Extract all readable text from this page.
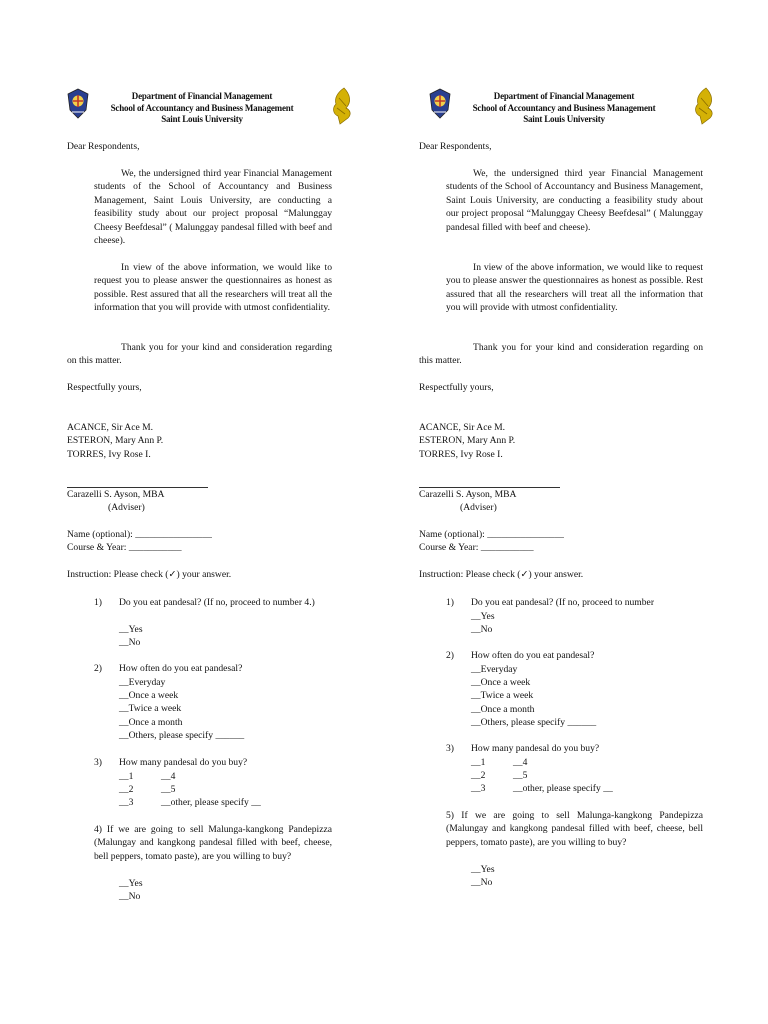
Department of Financial Management
School of Accountancy and Business Management
Saint Louis University
Dear Respondents,
We, the undersigned third year Financial Management students of the School of Accountancy and Business Management, Saint Louis University, are conducting a feasibility study about our project proposal “Malunggay Cheesy Beefdesal” ( Malunggay pandesal filled with beef and cheese).
In view of the above information, we would like to request you to please answer the questionnaires as honest as possible. Rest assured that all the researchers will treat all the information that you will provide with utmost confidentiality.
Thank you for your kind and consideration regarding on this matter.
Respectfully yours,
ACANCE, Sir Ace M.
ESTERON, Mary Ann P.
TORRES, Ivy Rose I.
Carazelli S. Ayson, MBA
(Adviser)
Name (optional): ________________
Course & Year: ___________
Instruction: Please check (✓) your answer.
1) Do you eat pandesal? (If no, proceed to number 4.)
__Yes
__No
2) How often do you eat pandesal?
__Everyday
__Once a week
__Twice a week
__Once a month
__Others, please specify ______
3) How many pandesal do you buy?
__1	__4
__2	__5
__3	__other, please specify __
4) If we are going to sell Malunga-kangkong Pandepizza (Malungay and kangkong pandesal filled with beef, cheese, bell peppers, tomato paste), are you willing to buy?
__Yes
__No
Department of Financial Management
School of Accountancy and Business Management
Saint Louis University
Dear Respondents,
We, the undersigned third year Financial Management students of the School of Accountancy and Business Management, Saint Louis University, are conducting a feasibility study about our project proposal “Malunggay Cheesy Beefdesal” ( Malunggay pandesal filled with beef and cheese).
In view of the above information, we would like to request you to please answer the questionnaires as honest as possible. Rest assured that all the researchers will treat all the information that you will provide with utmost confidentiality.
Thank you for your kind and consideration regarding on this matter.
Respectfully yours,
ACANCE, Sir Ace M.
ESTERON, Mary Ann P.
TORRES, Ivy Rose I.
Carazelli S. Ayson, MBA
(Adviser)
Name (optional): ________________
Course & Year: ___________
Instruction: Please check (✓) your answer.
1) Do you eat pandesal? (If no, proceed to number
__Yes
__No
2) How often do you eat pandesal?
__Everyday
__Once a week
__Twice a week
__Once a month
__Others, please specify ______
3) How many pandesal do you buy?
__1	__4
__2	__5
__3	__other, please specify __
5) If we are going to sell Malunga-kangkong Pandepizza (Malungay and kangkong pandesal filled with beef, cheese, bell peppers, tomato paste), are you willing to buy?
__Yes
__No
